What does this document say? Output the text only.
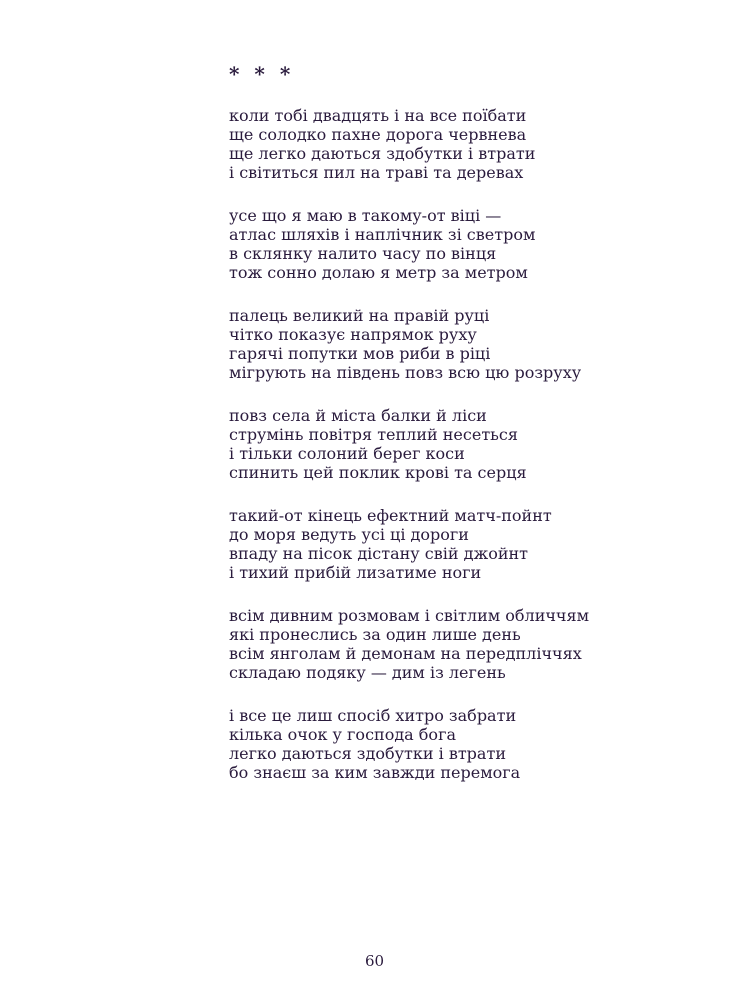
* * *
коли тобі двадцять і на все поїбати
ще солодко пахне дорога червнева
ще легко даються здобутки і втрати
і світиться пил на траві та деревах
усе що я маю в такому-от віці —
атлас шляхів і наплічник зі светром
в склянку налито часу по вінця
тож сонно долаю я метр за метром
палець великий на правій руці
чітко показує напрямок руху
гарячі попутки мов риби в ріці
мігрують на південь повз всю цю розруху
повз села й міста балки й ліси
струмінь повітря теплий несеться
і тільки солоний берег коси
спинить цей поклик крові та серця
такий-от кінець ефектний матч-пойнт
до моря ведуть усі ці дороги
впаду на пісок дістану свій джойнт
і тихий прибій лизатиме ноги
всім дивним розмовам і світлим обличчям
які пронеслись за один лише день
всім янголам й демонам на передпліччях
складаю подяку — дим із легень
і все це лиш спосіб хитро забрати
кілька очок у господа бога
легко даються здобутки і втрати
бо знаєш за ким завжди перемога
60
